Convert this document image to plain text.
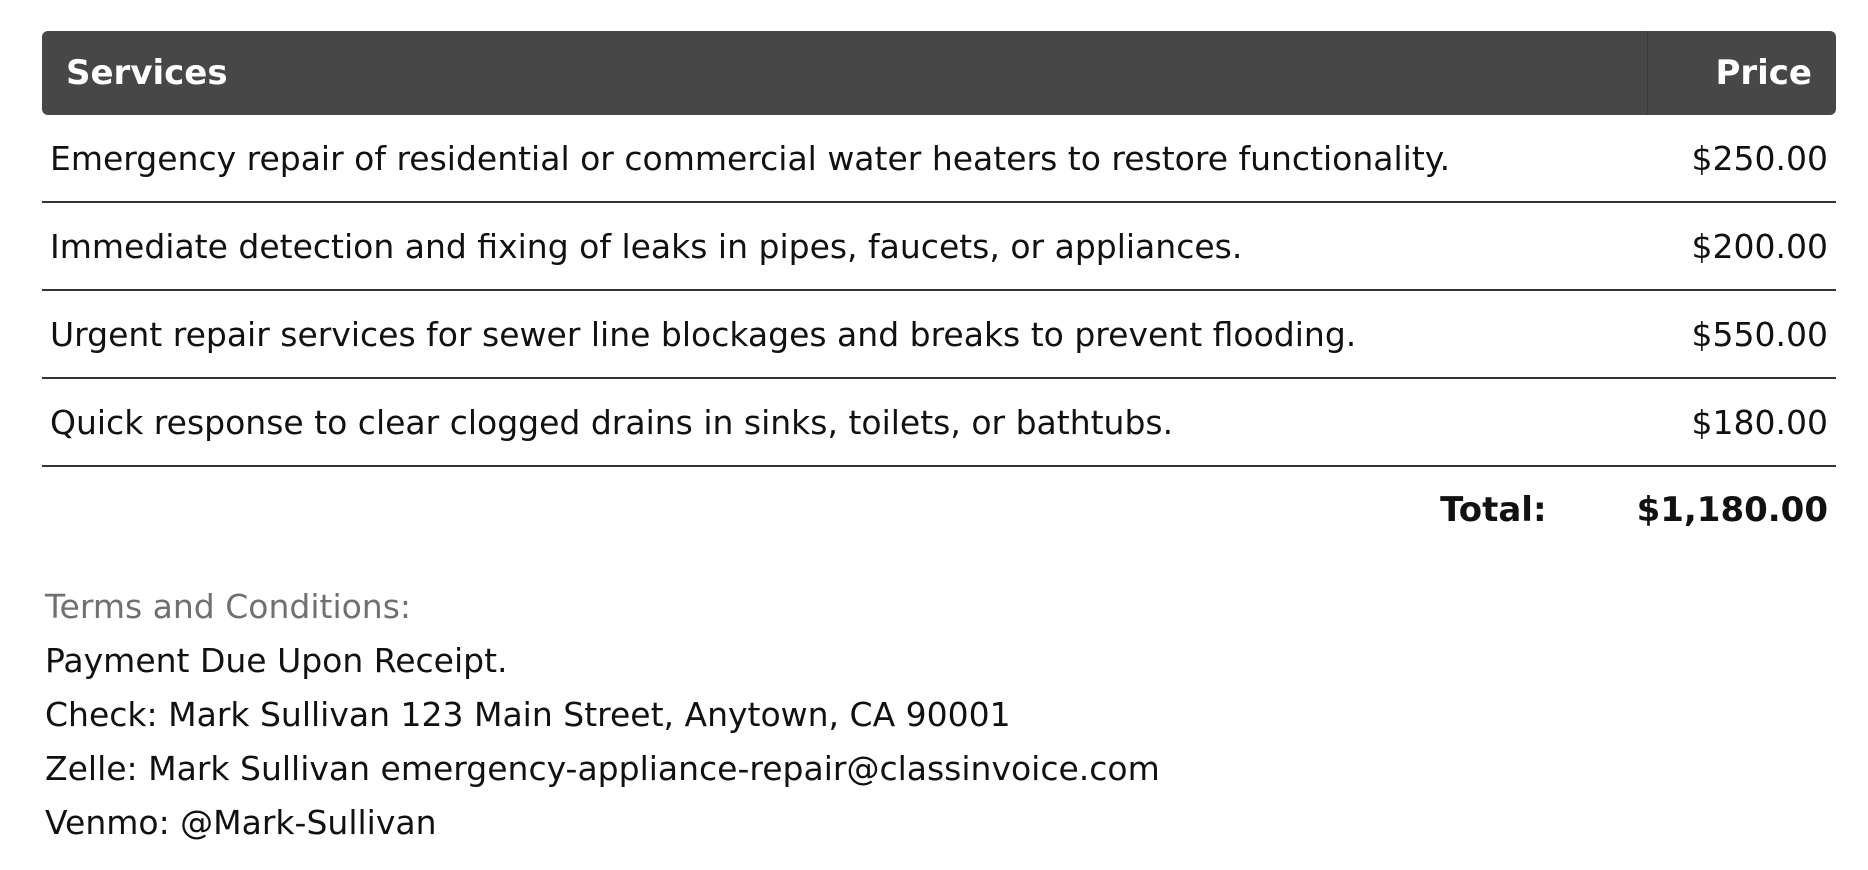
Services	Price
Emergency repair of residential or commercial water heaters to restore functionality.	$250.00
Immediate detection and fixing of leaks in pipes, faucets, or appliances.	$200.00
Urgent repair services for sewer line blockages and breaks to prevent flooding.	$550.00
Quick response to clear clogged drains in sinks, toilets, or bathtubs.	$180.00
Total:	$1,180.00
Terms and Conditions:
Payment Due Upon Receipt.
Check: Mark Sullivan 123 Main Street, Anytown, CA 90001
Zelle: Mark Sullivan emergency-appliance-repair@classinvoice.com
Venmo: @Mark-Sullivan
